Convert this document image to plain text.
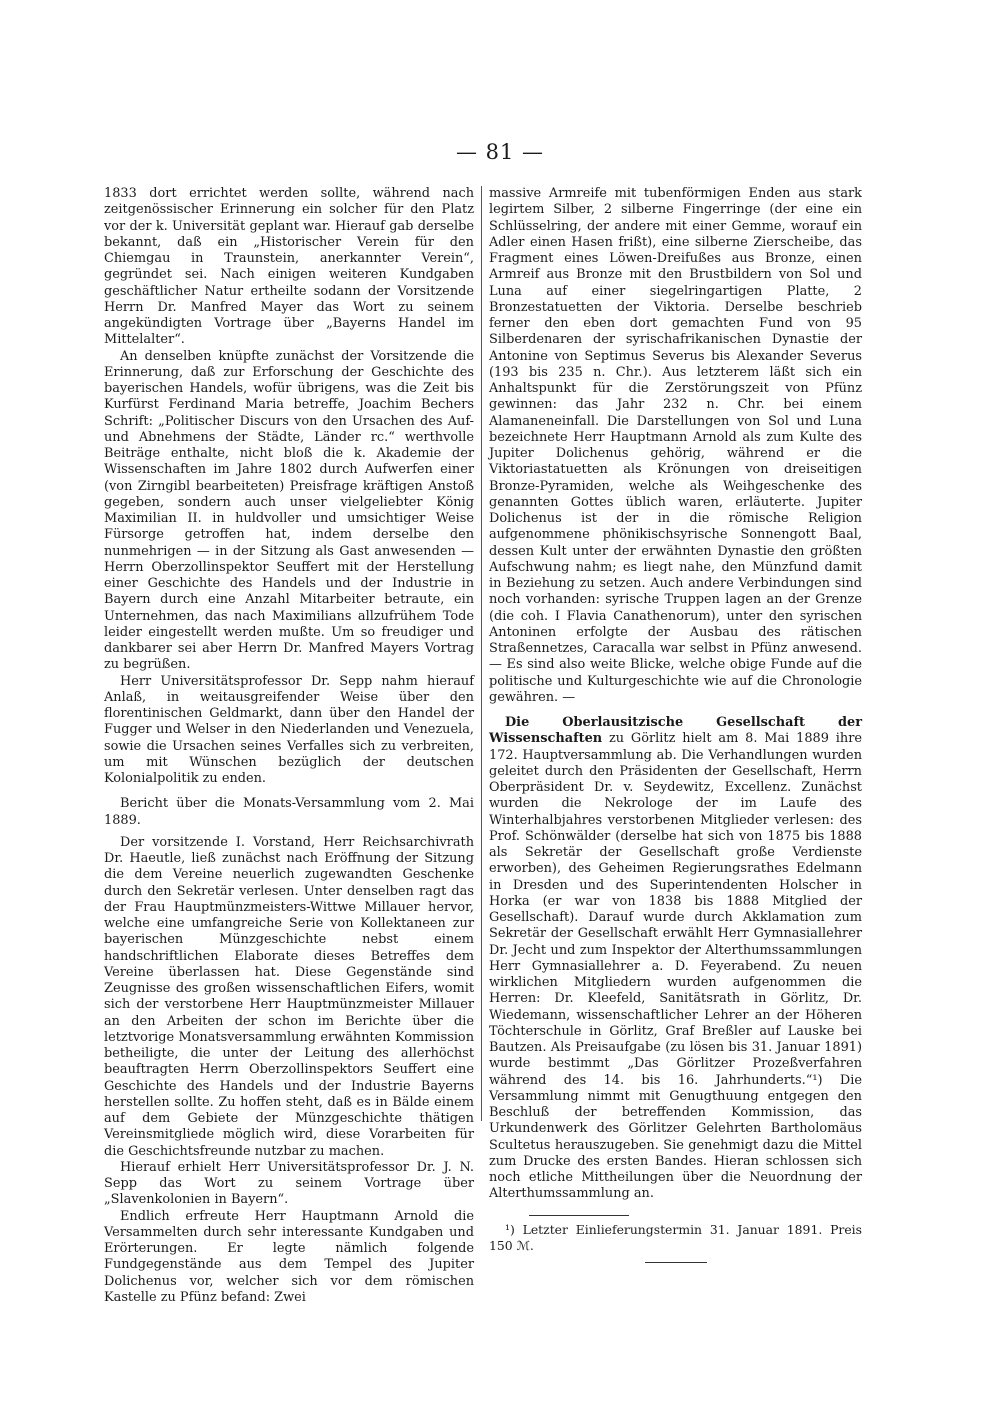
— 81 —

1833 dort errichtet werden sollte, während nach zeitgenössischer Erinnerung ein solcher für den Platz vor der k. Universität geplant war. Hierauf gab derselbe bekannt, daß ein „Historischer Verein für den Chiemgau in Traunstein, anerkannter Verein“, gegründet sei. Nach einigen weiteren Kundgaben geschäftlicher Natur ertheilte sodann der Vorsitzende Herrn Dr. Manfred Mayer das Wort zu seinem angekündigten Vortrage über „Bayerns Handel im Mittelalter“.

An denselben knüpfte zunächst der Vorsitzende die Erinnerung, daß zur Erforschung der Geschichte des bayerischen Handels, wofür übrigens, was die Zeit bis Kurfürst Ferdinand Maria betreffe, Joachim Bechers Schrift: „Politischer Discurs von den Ursachen des Auf- und Abnehmens der Städte, Länder rc.“ werthvolle Beiträge enthalte, nicht bloß die k. Akademie der Wissenschaften im Jahre 1802 durch Aufwerfen einer (von Zirngibl bearbeiteten) Preisfrage kräftigen Anstoß gegeben, sondern auch unser vielgeliebter König Maximilian II. in huldvoller und umsichtiger Weise Fürsorge getroffen hat, indem derselbe den nunmehrigen — in der Sitzung als Gast anwesenden — Herrn Oberzollinspektor Seuffert mit der Herstellung einer Geschichte des Handels und der Industrie in Bayern durch eine Anzahl Mitarbeiter betraute, ein Unternehmen, das nach Maximilians allzufrühem Tode leider eingestellt werden mußte. Um so freudiger und dankbarer sei aber Herrn Dr. Manfred Mayers Vortrag zu begrüßen.

Herr Universitätsprofessor Dr. Sepp nahm hierauf Anlaß, in weitausgreifender Weise über den florentinischen Geldmarkt, dann über den Handel der Fugger und Welser in den Niederlanden und Venezuela, sowie die Ursachen seines Verfalles sich zu verbreiten, um mit Wünschen bezüglich der deutschen Kolonialpolitik zu enden.

Bericht über die Monats-Versammlung vom 2. Mai 1889.

Der vorsitzende I. Vorstand, Herr Reichsarchivrath Dr. Haeutle, ließ zunächst nach Eröffnung der Sitzung die dem Vereine neuerlich zugewandten Geschenke durch den Sekretär verlesen. Unter denselben ragt das der Frau Hauptmünzmeisters-Wittwe Millauer hervor, welche eine umfangreiche Serie von Kollektaneen zur bayerischen Münzgeschichte nebst einem handschriftlichen Elaborate dieses Betreffes dem Vereine überlassen hat. Diese Gegenstände sind Zeugnisse des großen wissenschaftlichen Eifers, womit sich der verstorbene Herr Hauptmünzmeister Millauer an den Arbeiten der schon im Berichte über die letztvorige Monatsversammlung erwähnten Kommission betheiligte, die unter der Leitung des allerhöchst beauftragten Herrn Oberzollinspektors Seuffert eine Geschichte des Handels und der Industrie Bayerns herstellen sollte. Zu hoffen steht, daß es in Bälde einem auf dem Gebiete der Münzgeschichte thätigen Vereinsmitgliede möglich wird, diese Vorarbeiten für die Geschichtsfreunde nutzbar zu machen.

Hierauf erhielt Herr Universitätsprofessor Dr. J. N. Sepp das Wort zu seinem Vortrage über „Slavenkolonien in Bayern“.

Endlich erfreute Herr Hauptmann Arnold die Versammelten durch sehr interessante Kundgaben und Erörterungen. Er legte nämlich folgende Fundgegenstände aus dem Tempel des Jupiter Dolichenus vor, welcher sich vor dem römischen Kastelle zu Pfünz befand: Zwei

massive Armreife mit tubenförmigen Enden aus stark legirtem Silber, 2 silberne Fingerringe (der eine ein Schlüsselring, der andere mit einer Gemme, worauf ein Adler einen Hasen frißt), eine silberne Zierscheibe, das Fragment eines Löwen-Dreifußes aus Bronze, einen Armreif aus Bronze mit den Brustbildern von Sol und Luna auf einer siegelringartigen Platte, 2 Bronzestatuetten der Viktoria. Derselbe beschrieb ferner den eben dort gemachten Fund von 95 Silberdenaren der syrischafrikanischen Dynastie der Antonine von Septimus Severus bis Alexander Severus (193 bis 235 n. Chr.). Aus letzterem läßt sich ein Anhaltspunkt für die Zerstörungszeit von Pfünz gewinnen: das Jahr 232 n. Chr. bei einem Alamaneneinfall. Die Darstellungen von Sol und Luna bezeichnete Herr Hauptmann Arnold als zum Kulte des Jupiter Dolichenus gehörig, während er die Viktoriastatuetten als Krönungen von dreiseitigen Bronze-Pyramiden, welche als Weihgeschenke des genannten Gottes üblich waren, erläuterte. Jupiter Dolichenus ist der in die römische Religion aufgenommene phönikischsyrische Sonnengott Baal, dessen Kult unter der erwähnten Dynastie den größten Aufschwung nahm; es liegt nahe, den Münzfund damit in Beziehung zu setzen. Auch andere Verbindungen sind noch vorhanden: syrische Truppen lagen an der Grenze (die coh. I Flavia Canathenorum), unter den syrischen Antoninen erfolgte der Ausbau des rätischen Straßennetzes, Caracalla war selbst in Pfünz anwesend. — Es sind also weite Blicke, welche obige Funde auf die politische und Kulturgeschichte wie auf die Chronologie gewähren. —

Die Oberlausitzische Gesellschaft der Wissenschaften zu Görlitz hielt am 8. Mai 1889 ihre 172. Hauptversammlung ab. Die Verhandlungen wurden geleitet durch den Präsidenten der Gesellschaft, Herrn Oberpräsident Dr. v. Seydewitz, Excellenz. Zunächst wurden die Nekrologe der im Laufe des Winterhalbjahres verstorbenen Mitglieder verlesen: des Prof. Schönwälder (derselbe hat sich von 1875 bis 1888 als Sekretär der Gesellschaft große Verdienste erworben), des Geheimen Regierungsrathes Edelmann in Dresden und des Superintendenten Holscher in Horka (er war von 1838 bis 1888 Mitglied der Gesellschaft). Darauf wurde durch Akklamation zum Sekretär der Gesellschaft erwählt Herr Gymnasiallehrer Dr. Jecht und zum Inspektor der Alterthumssammlungen Herr Gymnasiallehrer a. D. Feyerabend. Zu neuen wirklichen Mitgliedern wurden aufgenommen die Herren: Dr. Kleefeld, Sanitätsrath in Görlitz, Dr. Wiedemann, wissenschaftlicher Lehrer an der Höheren Töchterschule in Görlitz, Graf Breßler auf Lauske bei Bautzen. Als Preisaufgabe (zu lösen bis 31. Januar 1891) wurde bestimmt „Das Görlitzer Prozeßverfahren während des 14. bis 16. Jahrhunderts.“¹) Die Versammlung nimmt mit Genugthuung entgegen den Beschluß der betreffenden Kommission, das Urkundenwerk des Görlitzer Gelehrten Bartholomäus Scultetus herauszugeben. Sie genehmigt dazu die Mittel zum Drucke des ersten Bandes. Hieran schlossen sich noch etliche Mittheilungen über die Neuordnung der Alterthumssammlung an.

¹) Letzter Einlieferungstermin 31. Januar 1891. Preis 150 ℳ.
